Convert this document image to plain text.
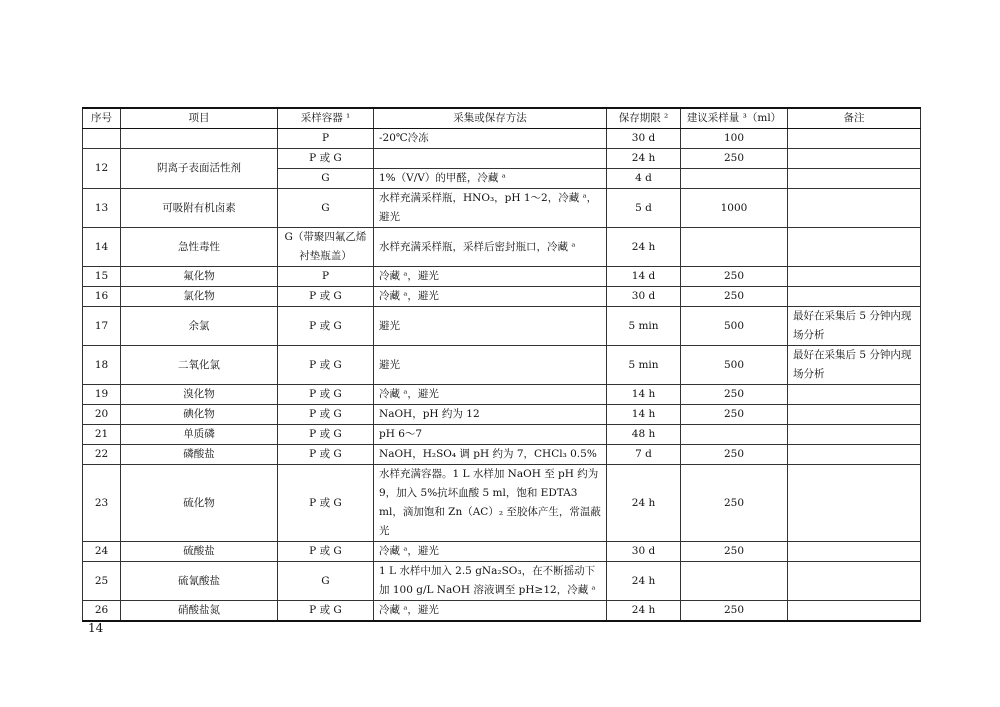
序号	项目	采样容器 ¹	采集或保存方法	保存期限 ²	建议采样量 ³（ml）	备注
		P	-20℃冷冻	30 d	100	
12	阴离子表面活性剂	P 或 G		24 h	250	
		G	1%（V/V）的甲醛，冷藏 ᵃ	4 d		
13	可吸附有机卤素	G	水样充满采样瓶，HNO₃，pH 1～2，冷藏 ᵃ，避光	5 d	1000	
14	急性毒性	G（带聚四氟乙烯衬垫瓶盖）	水样充满采样瓶，采样后密封瓶口，冷藏 ᵃ	24 h		
15	氟化物	P	冷藏 ᵃ，避光	14 d	250	
16	氯化物	P 或 G	冷藏 ᵃ，避光	30 d	250	
17	余氯	P 或 G	避光	5 min	500	最好在采集后 5 分钟内现场分析
18	二氧化氯	P 或 G	避光	5 min	500	最好在采集后 5 分钟内现场分析
19	溴化物	P 或 G	冷藏 ᵃ，避光	14 h	250	
20	碘化物	P 或 G	NaOH，pH 约为 12	14 h	250	
21	单质磷	P 或 G	pH 6～7	48 h		
22	磷酸盐	P 或 G	NaOH，H₂SO₄ 调 pH 约为 7，CHCl₃ 0.5%	7 d	250	
23	硫化物	P 或 G	水样充满容器。1 L 水样加 NaOH 至 pH 约为 9，加入 5%抗坏血酸 5 ml，饱和 EDTA3 ml，滴加饱和 Zn（AC）₂ 至胶体产生，常温蔽光	24 h	250	
24	硫酸盐	P 或 G	冷藏 ᵃ，避光	30 d	250	
25	硫氰酸盐	G	1 L 水样中加入 2.5 gNa₂SO₃，在不断摇动下加 100 g/L NaOH 溶液调至 pH≥12，冷藏 ᵃ	24 h		
26	硝酸盐氮	P 或 G	冷藏 ᵃ，避光	24 h	250	
14
